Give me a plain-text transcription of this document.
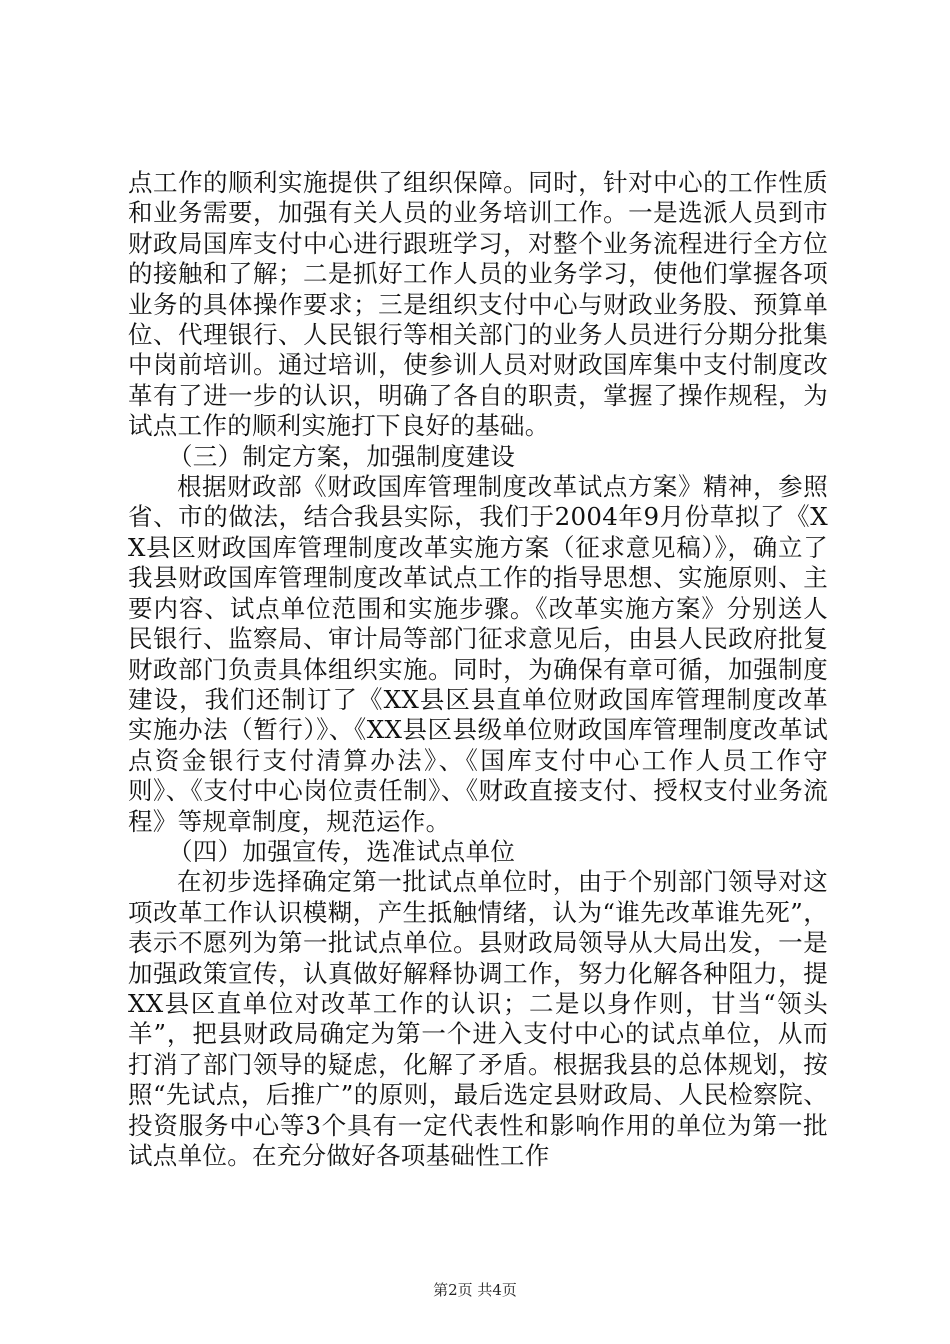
点工作的顺利实施提供了组织保障。同时，针对中心的工作性质和业务需要，加强有关人员的业务培训工作。一是选派人员到市财政局国库支付中心进行跟班学习，对整个业务流程进行全方位的接触和了解；二是抓好工作人员的业务学习，使他们掌握各项业务的具体操作要求；三是组织支付中心与财政业务股、预算单位、代理银行、人民银行等相关部门的业务人员进行分期分批集中岗前培训。通过培训，使参训人员对财政国库集中支付制度改革有了进一步的认识，明确了各自的职责，掌握了操作规程，为试点工作的顺利实施打下良好的基础。

（三）制定方案，加强制度建设

根据财政部《财政国库管理制度改革试点方案》精神，参照省、市的做法，结合我县实际，我们于2004年9月份草拟了《XX县区财政国库管理制度改革实施方案（征求意见稿）》，确立了我县财政国库管理制度改革试点工作的指导思想、实施原则、主要内容、试点单位范围和实施步骤。《改革实施方案》分别送人民银行、监察局、审计局等部门征求意见后，由县人民政府批复财政部门负责具体组织实施。同时，为确保有章可循，加强制度建设，我们还制订了《XX县区县直单位财政国库管理制度改革实施办法（暂行）》、《XX县区县级单位财政国库管理制度改革试点资金银行支付清算办法》、《国库支付中心工作人员工作守则》、《支付中心岗位责任制》、《财政直接支付、授权支付业务流程》等规章制度，规范运作。

（四）加强宣传，选准试点单位

在初步选择确定第一批试点单位时，由于个别部门领导对这项改革工作认识模糊，产生抵触情绪，认为“谁先改革谁先死”，表示不愿列为第一批试点单位。县财政局领导从大局出发，一是加强政策宣传，认真做好解释协调工作，努力化解各种阻力，提XX县区直单位对改革工作的认识；二是以身作则，甘当“领头羊”，把县财政局确定为第一个进入支付中心的试点单位，从而打消了部门领导的疑虑，化解了矛盾。根据我县的总体规划，按照“先试点，后推广”的原则，最后选定县财政局、人民检察院、投资服务中心等3个具有一定代表性和影响作用的单位为第一批试点单位。在充分做好各项基础性工作

第2页 共4页
